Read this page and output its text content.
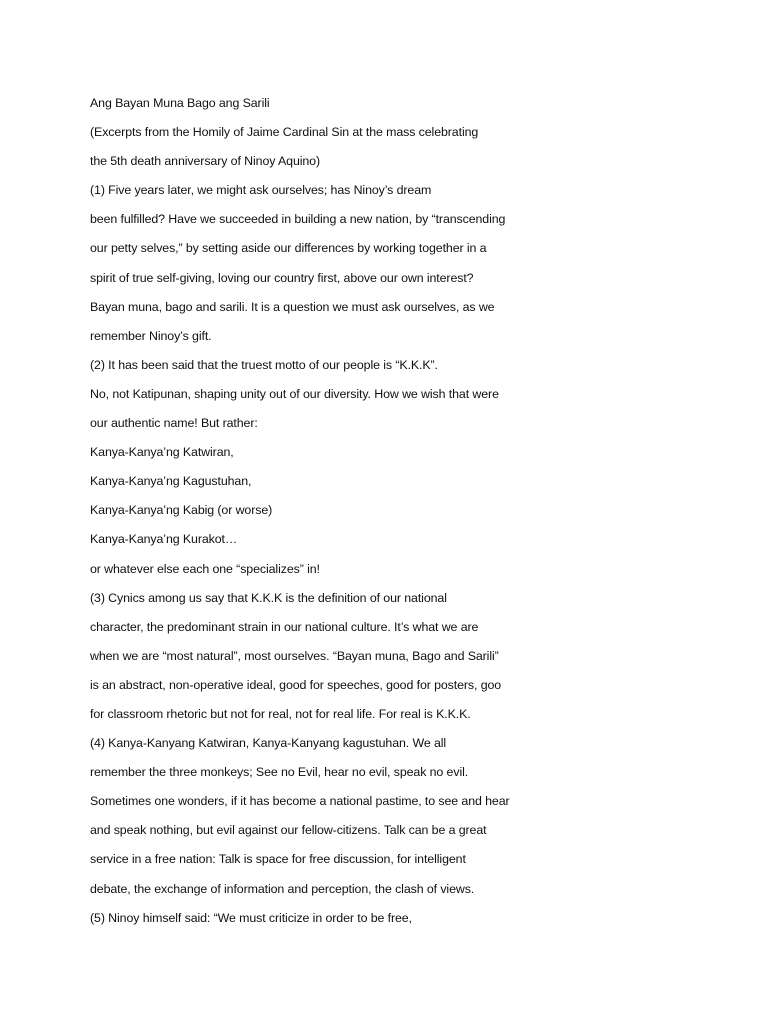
Ang Bayan Muna Bago ang Sarili

(Excerpts from the Homily of Jaime Cardinal Sin at the mass celebrating

the 5th death anniversary of Ninoy Aquino)

(1) Five years later, we might ask ourselves; has Ninoy’s dream

been fulfilled? Have we succeeded in building a new nation, by “transcending

our petty selves,” by setting aside our differences by working together in a

spirit of true self-giving, loving our country first, above our own interest?

Bayan muna, bago and sarili. It is a question we must ask ourselves, as we

remember Ninoy’s gift.

(2) It has been said that the truest motto of our people is “K.K.K”.

No, not Katipunan, shaping unity out of our diversity. How we wish that were

our authentic name! But rather:

Kanya-Kanya’ng Katwiran,

Kanya-Kanya’ng Kagustuhan,

Kanya-Kanya’ng Kabig (or worse)

Kanya-Kanya’ng Kurakot…

or whatever else each one “specializes” in!

(3) Cynics among us say that K.K.K is the definition of our national

character, the predominant strain in our national culture. It’s what we are

when we are “most natural”, most ourselves. “Bayan muna, Bago and Sarili”

is an abstract, non-operative ideal, good for speeches, good for posters, goo

for classroom rhetoric but not for real, not for real life. For real is K.K.K.

(4) Kanya-Kanyang Katwiran, Kanya-Kanyang kagustuhan. We all

remember the three monkeys; See no Evil, hear no evil, speak no evil.

Sometimes one wonders, if it has become a national pastime, to see and hear

and speak nothing, but evil against our fellow-citizens. Talk can be a great

service in a free nation: Talk is space for free discussion, for intelligent

debate, the exchange of information and perception, the clash of views.

(5) Ninoy himself said: “We must criticize in order to be free,
